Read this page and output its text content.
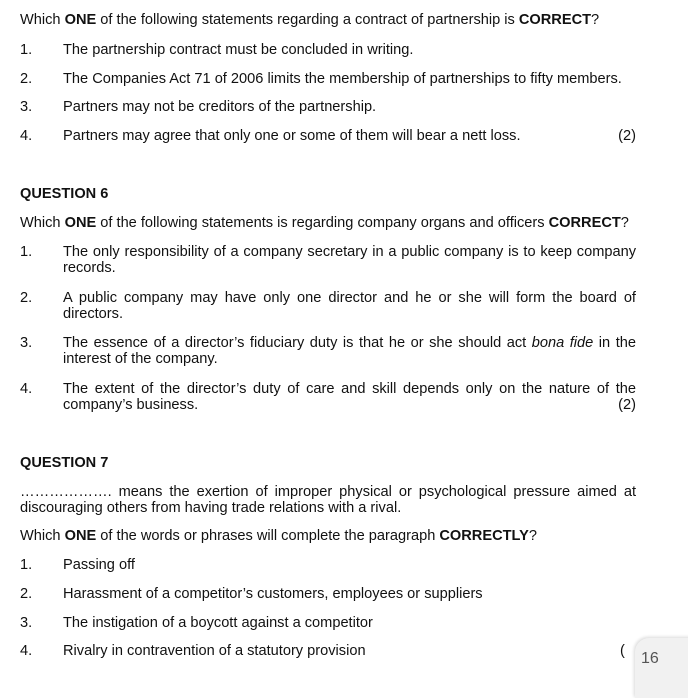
Which ONE of the following statements regarding a contract of partnership is CORRECT?
1.	The partnership contract must be concluded in writing.
2.	The Companies Act 71 of 2006 limits the membership of partnerships to fifty members.
3.	Partners may not be creditors of the partnership.
4.	Partners may agree that only one or some of them will bear a nett loss.	(2)
QUESTION 6
Which ONE of the following statements is regarding company organs and officers CORRECT?
1.	The only responsibility of a company secretary in a public company is to keep company records.
2.	A public company may have only one director and he or she will form the board of directors.
3.	The essence of a director’s fiduciary duty is that he or she should act bona fide in the interest of the company.
4.	The extent of the director’s duty of care and skill depends only on the nature of the company’s business.	(2)
QUESTION 7
………………. means the exertion of improper physical or psychological pressure aimed at discouraging others from having trade relations with a rival.
Which ONE of the words or phrases will complete the paragraph CORRECTLY?
1.	Passing off
2.	Harassment of a competitor’s customers, employees or suppliers
3.	The instigation of a boycott against a competitor
4.	Rivalry in contravention of a statutory provision	( 16
